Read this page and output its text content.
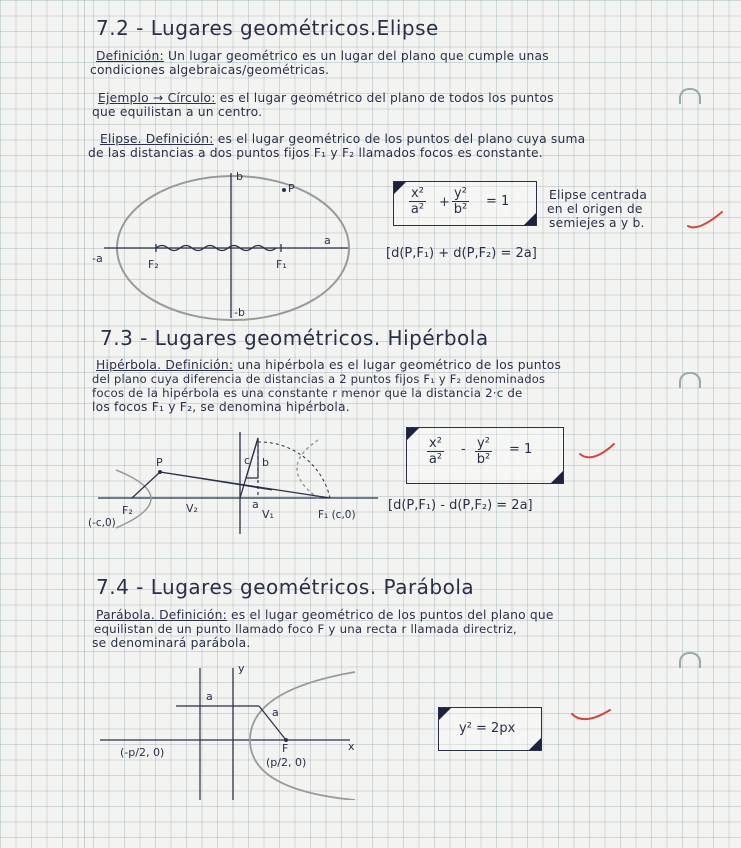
7.2 - Lugares geométricos.Elipse
Definición: Un lugar geométrico es un lugar del plano que cumple unas
condiciones algebraicas/geométricas.
Ejemplo → Círculo: es el lugar geométrico del plano de todos los puntos
que equilistan a un centro.
Elipse. Definición: es el lugar geométrico de los puntos del plano cuya suma
de las distancias a dos puntos fijos F₁ y F₂ llamados focos es constante.
b
-b
a
-a
P
F₂	F₁
$\frac{\text{x²}}{\text{a²}} + \frac{\text{y²}}{\text{b²}} = 1$	Elipse centrada
en el origen de
semiejes a y b.
[d(P,F₁) + d(P,F₂) = 2a]
7.3 - Lugares geométricos. Hipérbola
Hipérbola. Definición: una hipérbola es el lugar geométrico de los puntos
del plano cuya diferencia de distancias a 2 puntos fijos F₁ y F₂ denominados
focos de la hipérbola es una constante r menor que la distancia 2·c de
los focos F₁ y F₂, se denomina hipérbola.
P	c b
a
V₁
V₂
F₂
(-c,0)
F₁ (c,0)
$\frac{\text{x²}}{\text{a²}} - \frac{\text{y²}}{\text{b²}} = 1$
[d(P,F₁) - d(P,F₂) = 2a]
7.4 - Lugares geométricos. Parábola
Parábola. Definición: es el lugar geométrico de los puntos del plano que
equilistan de un punto llamado foco F y una recta r llamada directriz,
se denominará parábola.
y
x
a
a
F
(-p/2, 0)
(p/2, 0)
y² = 2px
